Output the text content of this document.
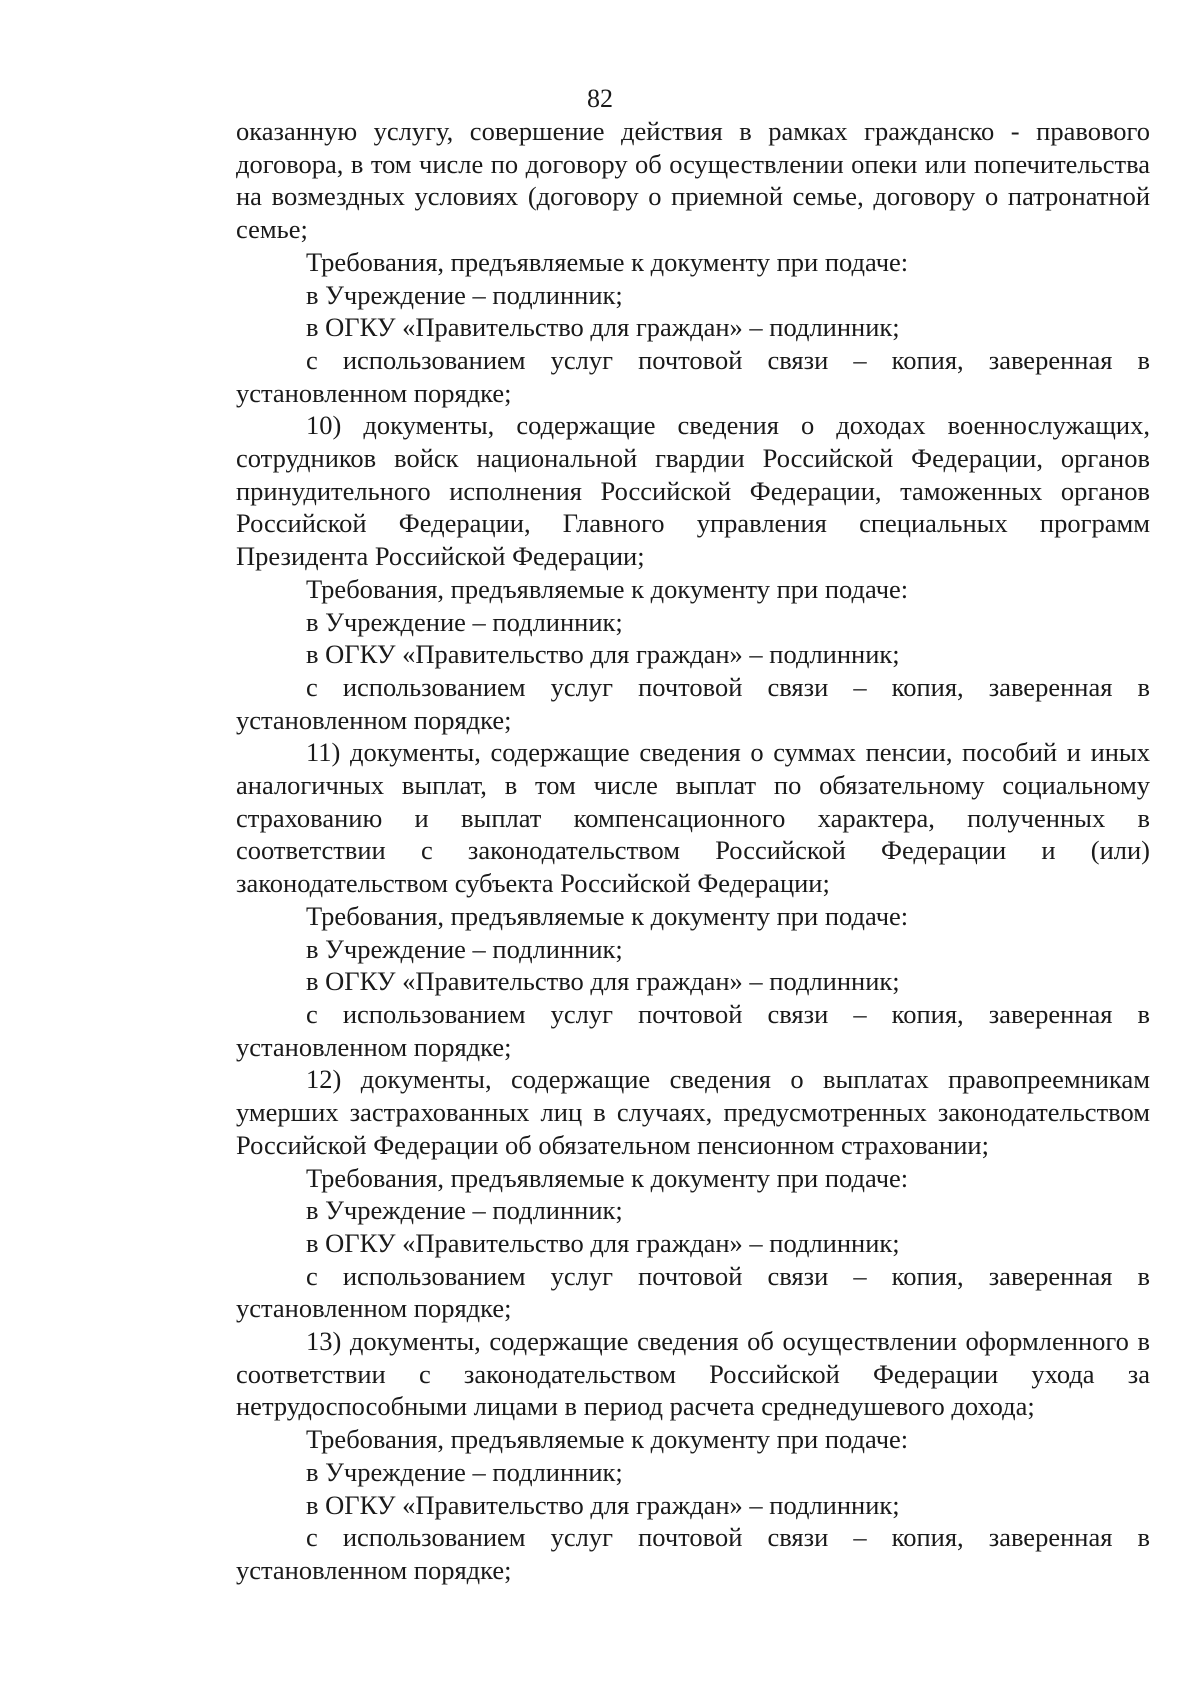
82

оказанную услугу, совершение действия в рамках гражданско - правового договора, в том числе по договору об осуществлении опеки или попечительства на возмездных условиях (договору о приемной семье, договору о патронатной семье;

Требования, предъявляемые к документу при подаче:

в Учреждение – подлинник;

в ОГКУ «Правительство для граждан» – подлинник;

с использованием услуг почтовой связи – копия, заверенная в установленном порядке;

10) документы, содержащие сведения о доходах военнослужащих, сотрудников войск национальной гвардии Российской Федерации, органов принудительного исполнения Российской Федерации, таможенных органов Российской Федерации, Главного управления специальных программ Президента Российской Федерации;

Требования, предъявляемые к документу при подаче:

в Учреждение – подлинник;

в ОГКУ «Правительство для граждан» – подлинник;

с использованием услуг почтовой связи – копия, заверенная в установленном порядке;

11) документы, содержащие сведения о суммах пенсии, пособий и иных аналогичных выплат, в том числе выплат по обязательному социальному страхованию и выплат компенсационного характера, полученных в соответствии с законодательством Российской Федерации и (или) законодательством субъекта Российской Федерации;

Требования, предъявляемые к документу при подаче:

в Учреждение – подлинник;

в ОГКУ «Правительство для граждан» – подлинник;

с использованием услуг почтовой связи – копия, заверенная в установленном порядке;

12) документы, содержащие сведения о выплатах правопреемникам умерших застрахованных лиц в случаях, предусмотренных законодательством Российской Федерации об обязательном пенсионном страховании;

Требования, предъявляемые к документу при подаче:

в Учреждение – подлинник;

в ОГКУ «Правительство для граждан» – подлинник;

с использованием услуг почтовой связи – копия, заверенная в установленном порядке;

13) документы, содержащие сведения об осуществлении оформленного в соответствии с законодательством Российской Федерации ухода за нетрудоспособными лицами в период расчета среднедушевого дохода;

Требования, предъявляемые к документу при подаче:

в Учреждение – подлинник;

в ОГКУ «Правительство для граждан» – подлинник;

с использованием услуг почтовой связи – копия, заверенная в установленном порядке;
